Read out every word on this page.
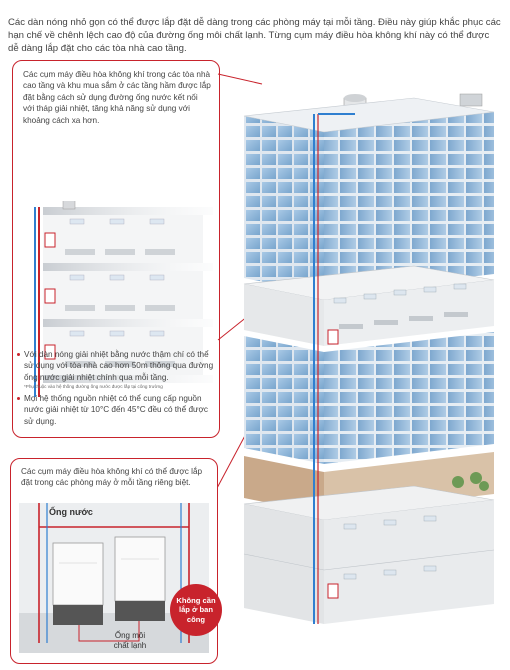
Các dàn nóng nhỏ gọn có thể được lắp đặt dễ dàng trong các phòng máy tại mỗi tầng. Điều này giúp khắc phục các hạn chế về chênh lệch cao độ của đường ống môi chất lạnh. Từng cụm máy điều hòa không khí này có thể được dễ dàng lắp đặt cho các tòa nhà cao tầng.

Các cụm máy điều hòa không khí trong các tòa nhà cao tầng và khu mua sắm ở các tầng hầm được lắp đặt bằng cách sử dụng đường ống nước kết nối với tháp giải nhiệt, tăng khả năng sử dụng với khoảng cách xa hơn.

Với dàn nóng giải nhiệt bằng nước thậm chí có thể sử dụng với tòa nhà cao hơn 50m thông qua đường ống nước giải nhiệt chính qua mỗi tầng.

*Phụ thuộc vào hệ thống đường ống nước được lắp tại công trường

Mọi hệ thống nguồn nhiệt có thể cung cấp nguồn nước giải nhiệt từ 10°C đến 45°C đều có thể được sử dụng.

Các cụm máy điều hòa không khí có thể được lắp đặt trong các phòng máy ở mỗi tầng riêng biệt.

Ống nước
Ống môi chất lạnh
Không cần lắp ở ban công
